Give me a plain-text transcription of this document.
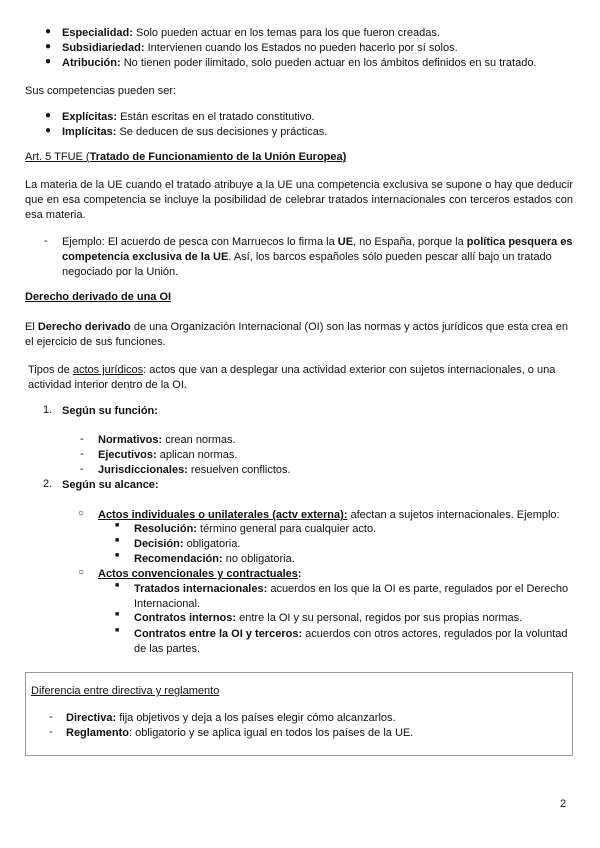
● Especialidad: Solo pueden actuar en los temas para los que fueron creadas.
● Subsidiariedad: Intervienen cuando los Estados no pueden hacerlo por sí solos.
● Atribución: No tienen poder ilimitado, solo pueden actuar en los ámbitos definidos en su tratado.
Sus competencias pueden ser:
● Explícitas: Están escritas en el tratado constitutivo.
● Implícitas: Se deducen de sus decisiones y prácticas.
Art. 5 TFUE (Tratado de Funcionamiento de la Unión Europea)
La materia de la UE cuando el tratado atribuye a la UE una competencia exclusiva se supone o hay que deducir que en esa competencia se incluye la posibilidad de celebrar tratados internacionales con terceros estados con esa materia.
- Ejemplo: El acuerdo de pesca con Marruecos lo firma la UE, no España, porque la política pesquera es competencia exclusiva de la UE. Así, los barcos españoles sólo pueden pescar allí bajo un tratado negociado por la Unión.
Derecho derivado de una OI
El Derecho derivado de una Organización Internacional (OI) son las normas y actos jurídicos que esta crea en el ejercicio de sus funciones.
Tipos de actos jurídicos: actos que van a desplegar una actividad exterior con sujetos internacionales, o una actividad interior dentro de la OI.
1. Según su función:
- Normativos: crean normas.
- Ejecutivos: aplican normas.
- Jurisdiccionales: resuelven conflictos.
2. Según su alcance:
○ Actos individuales o unilaterales (actv externa): afectan a sujetos internacionales. Ejemplo:
■ Resolución: término general para cualquier acto.
■ Decisión: obligatoria.
■ Recomendación: no obligatoria.
○ Actos convencionales y contractuales:
■ Tratados internacionales: acuerdos en los que la OI es parte, regulados por el Derecho Internacional.
■ Contratos internos: entre la OI y su personal, regidos por sus propias normas.
■ Contratos entre la OI y terceros: acuerdos con otros actores, regulados por la voluntad de las partes.
Diferencia entre directiva y reglamento
- Directiva: fija objetivos y deja a los países elegir cómo alcanzarlos.
- Reglamento: obligatorio y se aplica igual en todos los países de la UE.
2
